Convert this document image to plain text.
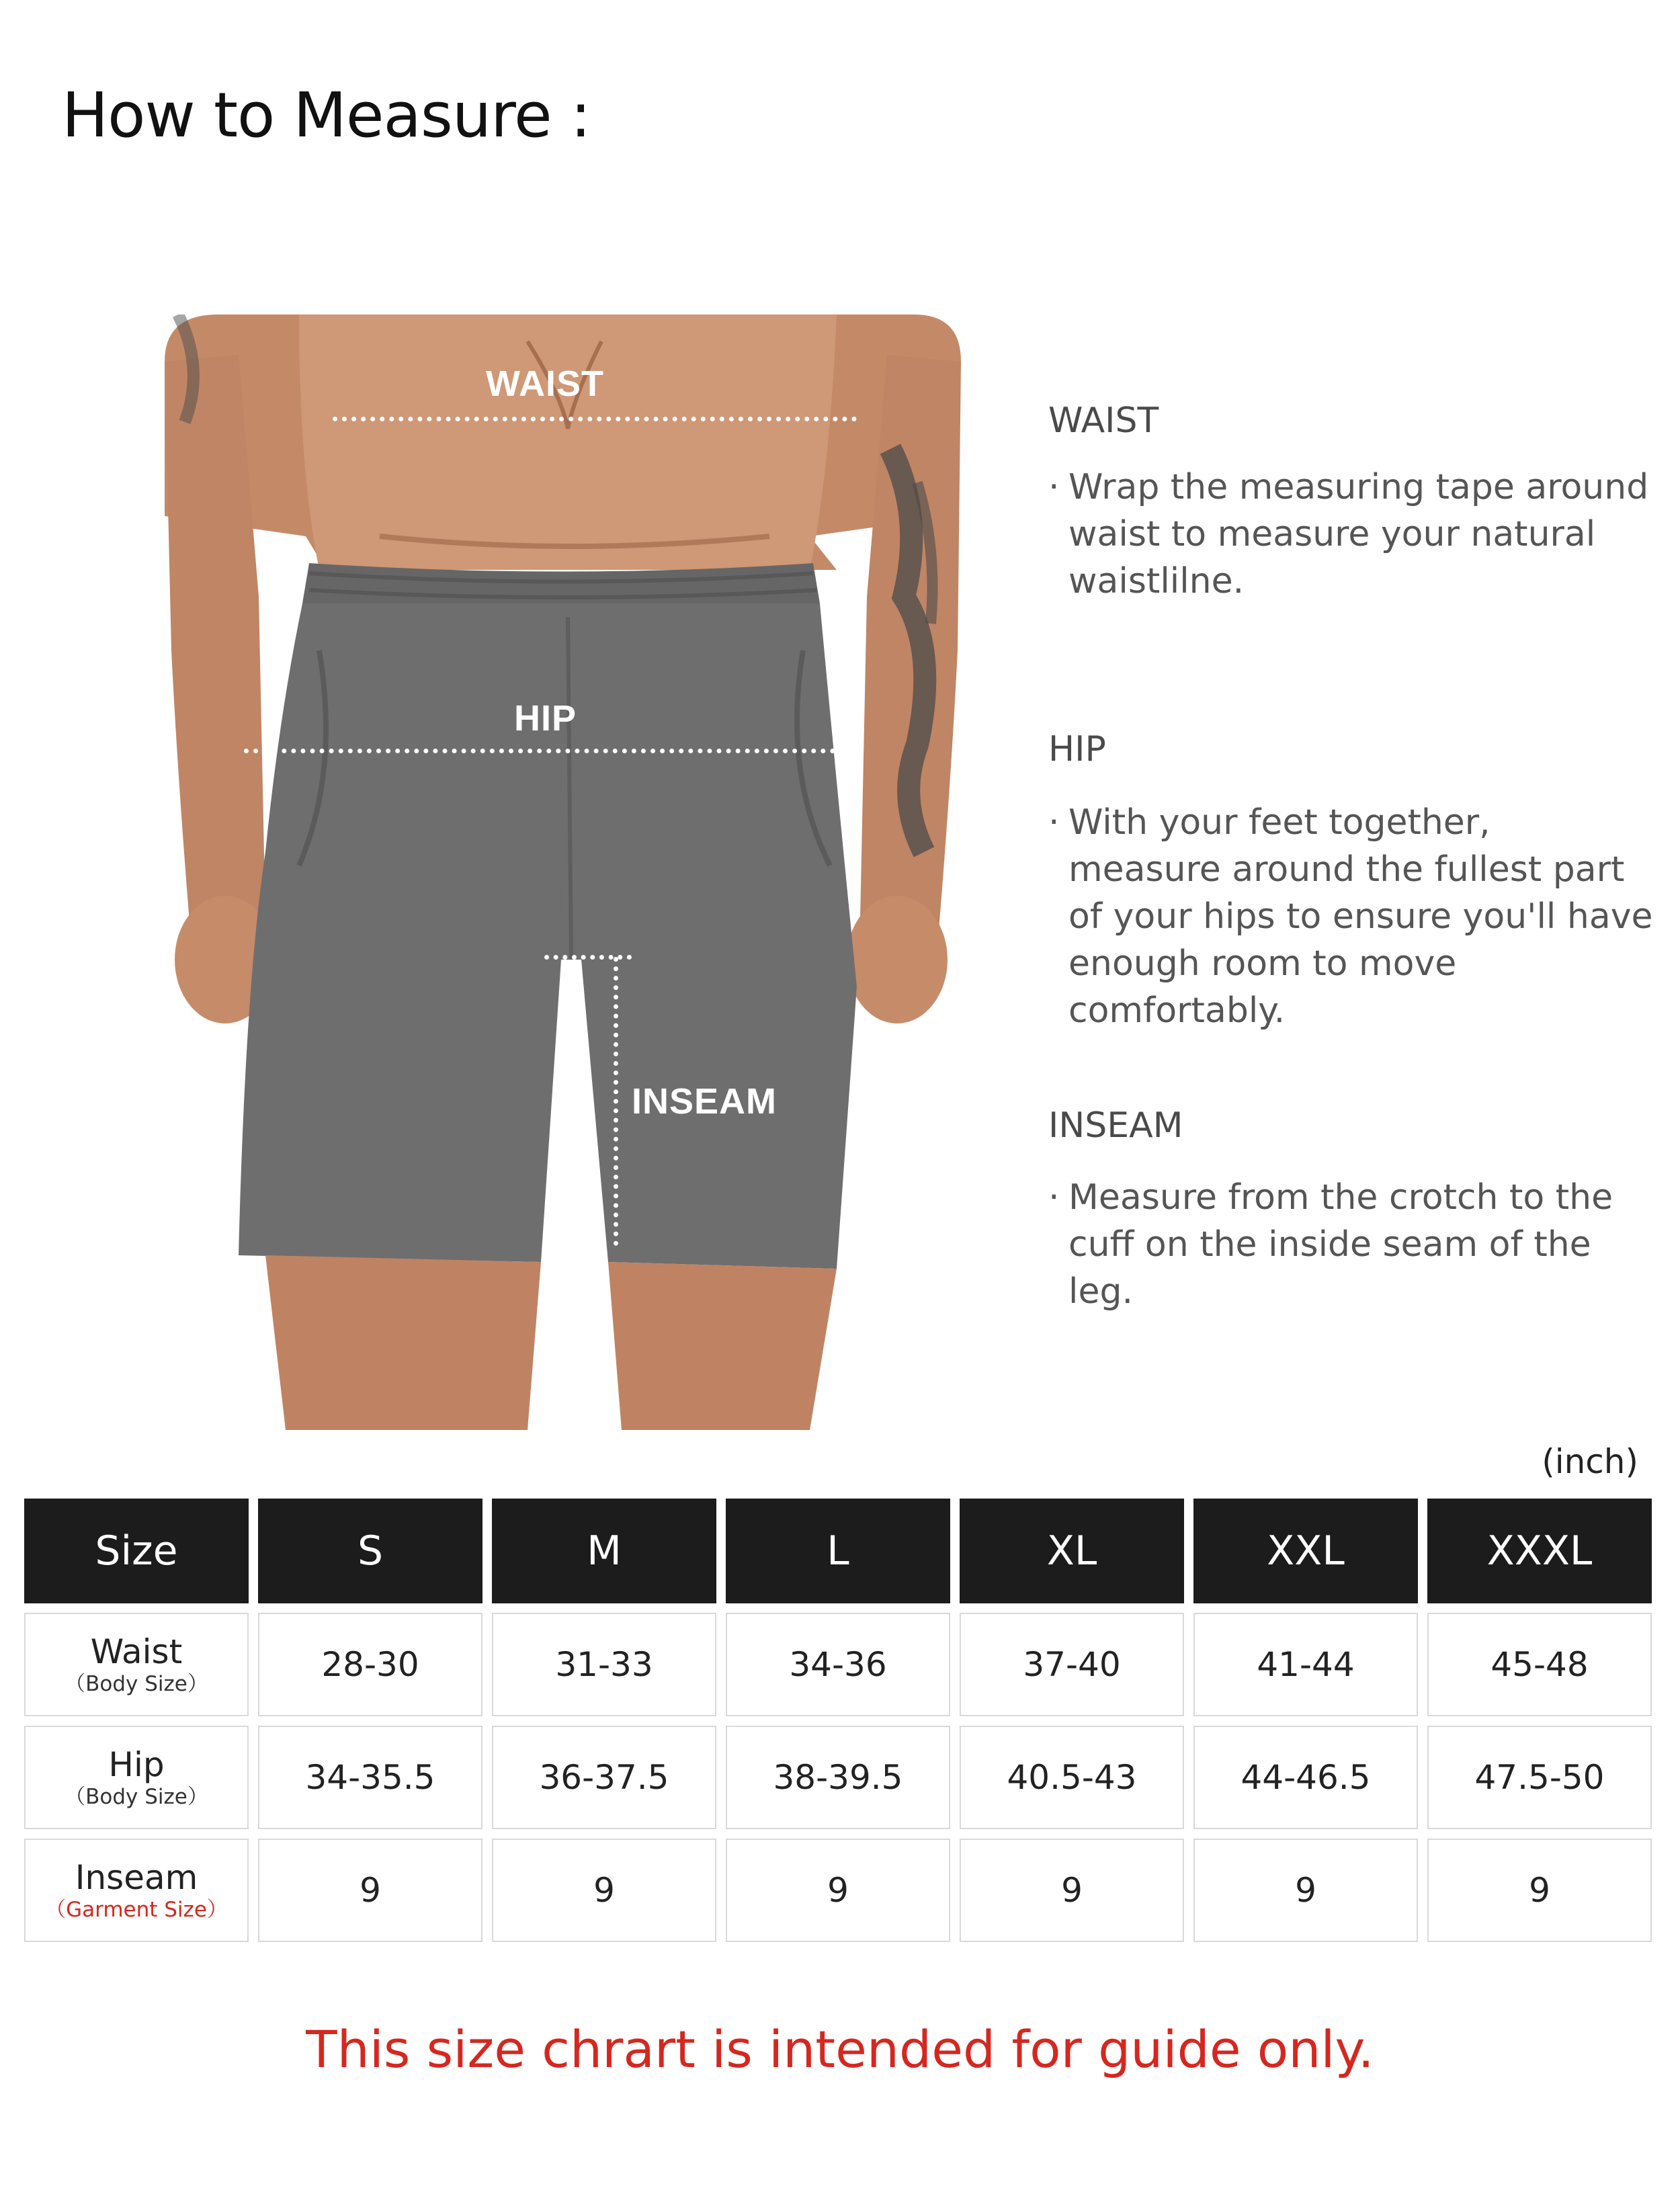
How to Measure :
WAIST
HIP
INSEAM
WAIST
· Wrap the measuring tape around waist to measure your natural waistlilne.
HIP
· With your feet together, measure around the fullest part of your hips to ensure you'll have enough room to move comfortably.
INSEAM
· Measure from the crotch to the cuff on the inside seam of the leg.
(inch)
Size	S	M	L	XL	XXL	XXXL
Waist
（Body Size）	28-30	31-33	34-36	37-40	41-44	45-48
Hip
（Body Size）	34-35.5	36-37.5	38-39.5	40.5-43	44-46.5	47.5-50
Inseam
（Garment Size）	9	9	9	9	9	9
This size chrart is intended for guide only.
